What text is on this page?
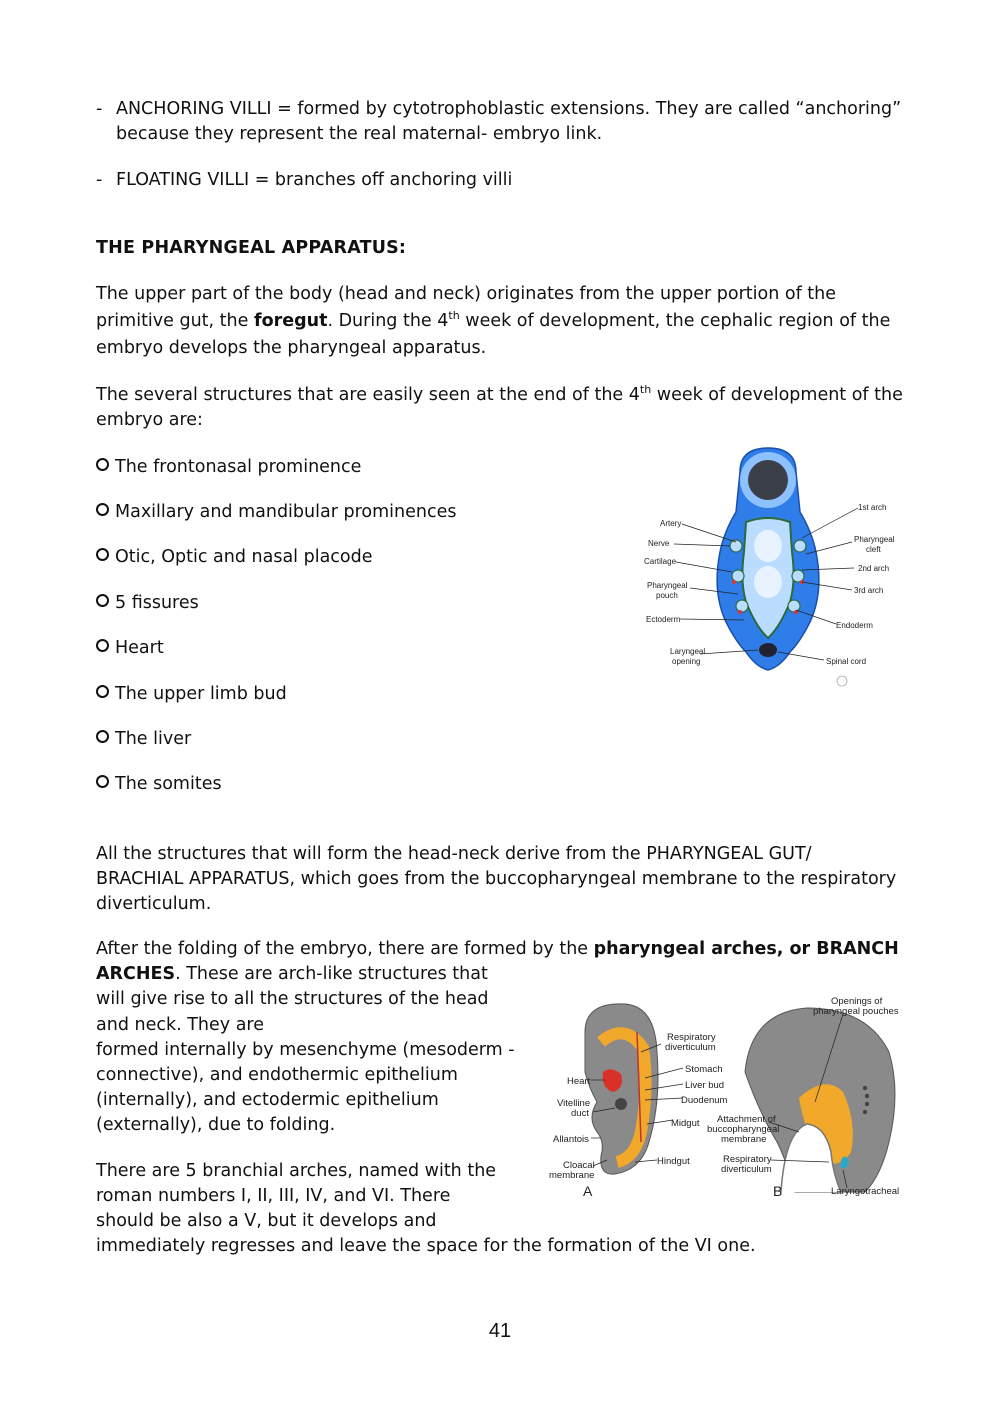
- ANCHORING VILLI = formed by cytotrophoblastic extensions. They are called “anchoring”
because they represent the real maternal- embryo link.
- FLOATING VILLI = branches off anchoring villi
THE PHARYNGEAL APPARATUS:
The upper part of the body (head and neck) originates from the upper portion of the
primitive gut, the foregut. During the 4th week of development, the cephalic region of the
embryo develops the pharyngeal apparatus.
The several structures that are easily seen at the end of the 4th week of development of the
embryo are:
The frontonasal prominence
Maxillary and mandibular prominences
Otic, Optic and nasal placode
5 fissures
Heart
The upper limb bud
The liver
The somites
Artery
Nerve
Cartilage
Pharyngeal
pouch
Ectoderm
Laryngeal
opening
1st arch
Pharyngeal
cleft
2nd arch
3rd arch
Endoderm
Spinal cord
All the structures that will form the head-neck derive from the PHARYNGEAL GUT/
BRACHIAL APPARATUS, which goes from the buccopharyngeal membrane to the respiratory
diverticulum.
After the folding of the embryo, there are formed by the pharyngeal arches, or BRANCH
ARCHES. These are arch-like structures that
will give rise to all the structures of the head
and neck. They are
formed internally by mesenchyme (mesoderm -
connective), and endothermic epithelium
(internally), and ectodermic epithelium
(externally), due to folding.
There are 5 branchial arches, named with the
roman numbers I, II, III, IV, and VI. There
should be also a V, but it develops and
immediately regresses and leave the space for the formation of the VI one.
Respiratory
diverticulum
Heart
Stomach
Liver bud
Duodenum
Vitelline
duct
Midgut
Allantois
Hindgut
Cloacal
membrane
A
Openings of
pharyngeal pouches
Attachment of
buccopharyngeal
membrane
Respiratory
diverticulum
B	Laryngotracheal
41
